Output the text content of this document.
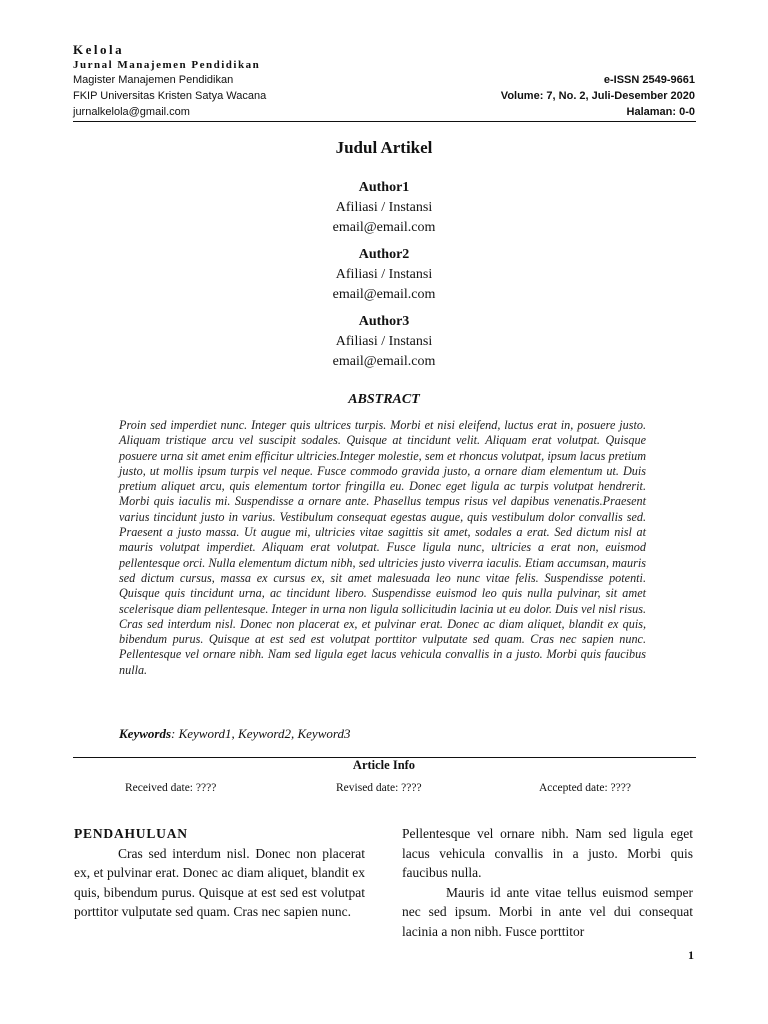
Kelola
Jurnal Manajemen Pendidikan
Magister Manajemen Pendidikan	e-ISSN 2549-9661
FKIP Universitas Kristen Satya Wacana	Volume: 7, No. 2, Juli-Desember 2020
jurnalkelola@gmail.com	Halaman: 0-0
Judul Artikel
Author1
Afiliasi / Instansi
email@email.com
Author2
Afiliasi / Instansi
email@email.com
Author3
Afiliasi / Instansi
email@email.com
ABSTRACT
Proin sed imperdiet nunc. Integer quis ultrices turpis. Morbi et nisi eleifend, luctus erat in, posuere justo. Aliquam tristique arcu vel suscipit sodales. Quisque at tincidunt velit. Aliquam erat volutpat. Quisque posuere urna sit amet enim efficitur ultricies.Integer molestie, sem et rhoncus volutpat, ipsum lacus pretium justo, ut mollis ipsum turpis vel neque. Fusce commodo gravida justo, a ornare diam elementum ut. Duis pretium aliquet arcu, quis elementum tortor fringilla eu. Donec eget ligula ac turpis volutpat hendrerit. Morbi quis iaculis mi. Suspendisse a ornare ante. Phasellus tempus risus vel dapibus venenatis.Praesent varius tincidunt justo in varius. Vestibulum consequat egestas augue, quis vestibulum dolor convallis sed. Praesent a justo massa. Ut augue mi, ultricies vitae sagittis sit amet, sodales a erat. Sed dictum nisl at mauris volutpat imperdiet. Aliquam erat volutpat. Fusce ligula nunc, ultricies a erat non, euismod pellentesque orci. Nulla elementum dictum nibh, sed ultricies justo viverra iaculis. Etiam accumsan, mauris sed dictum cursus, massa ex cursus ex, sit amet malesuada leo nunc vitae felis. Suspendisse potenti. Quisque quis tincidunt urna, ac tincidunt libero. Suspendisse euismod leo quis nulla pulvinar, sit amet scelerisque diam pellentesque. Integer in urna non ligula sollicitudin lacinia ut eu dolor. Duis vel nisl risus. Cras sed interdum nisl. Donec non placerat ex, et pulvinar erat. Donec ac diam aliquet, blandit ex quis, bibendum purus. Quisque at est sed est volutpat porttitor vulputate sed quam. Cras nec sapien nunc. Pellentesque vel ornare nibh. Nam sed ligula eget lacus vehicula convallis in a justo. Morbi quis faucibus nulla.
Keywords: Keyword1, Keyword2, Keyword3
Article Info
Received date: ????	Revised date: ????	Accepted date: ????
PENDAHULUAN

Cras sed interdum nisl. Donec non placerat ex, et pulvinar erat. Donec ac diam aliquet, blandit ex quis, bibendum purus. Quisque at est sed est volutpat porttitor vulputate sed quam. Cras nec sapien nunc.

Pellentesque vel ornare nibh. Nam sed ligula eget lacus vehicula convallis in a justo. Morbi quis faucibus nulla.

Mauris id ante vitae tellus euismod semper nec sed ipsum. Morbi in ante vel dui consequat lacinia a non nibh. Fusce porttitor

1
